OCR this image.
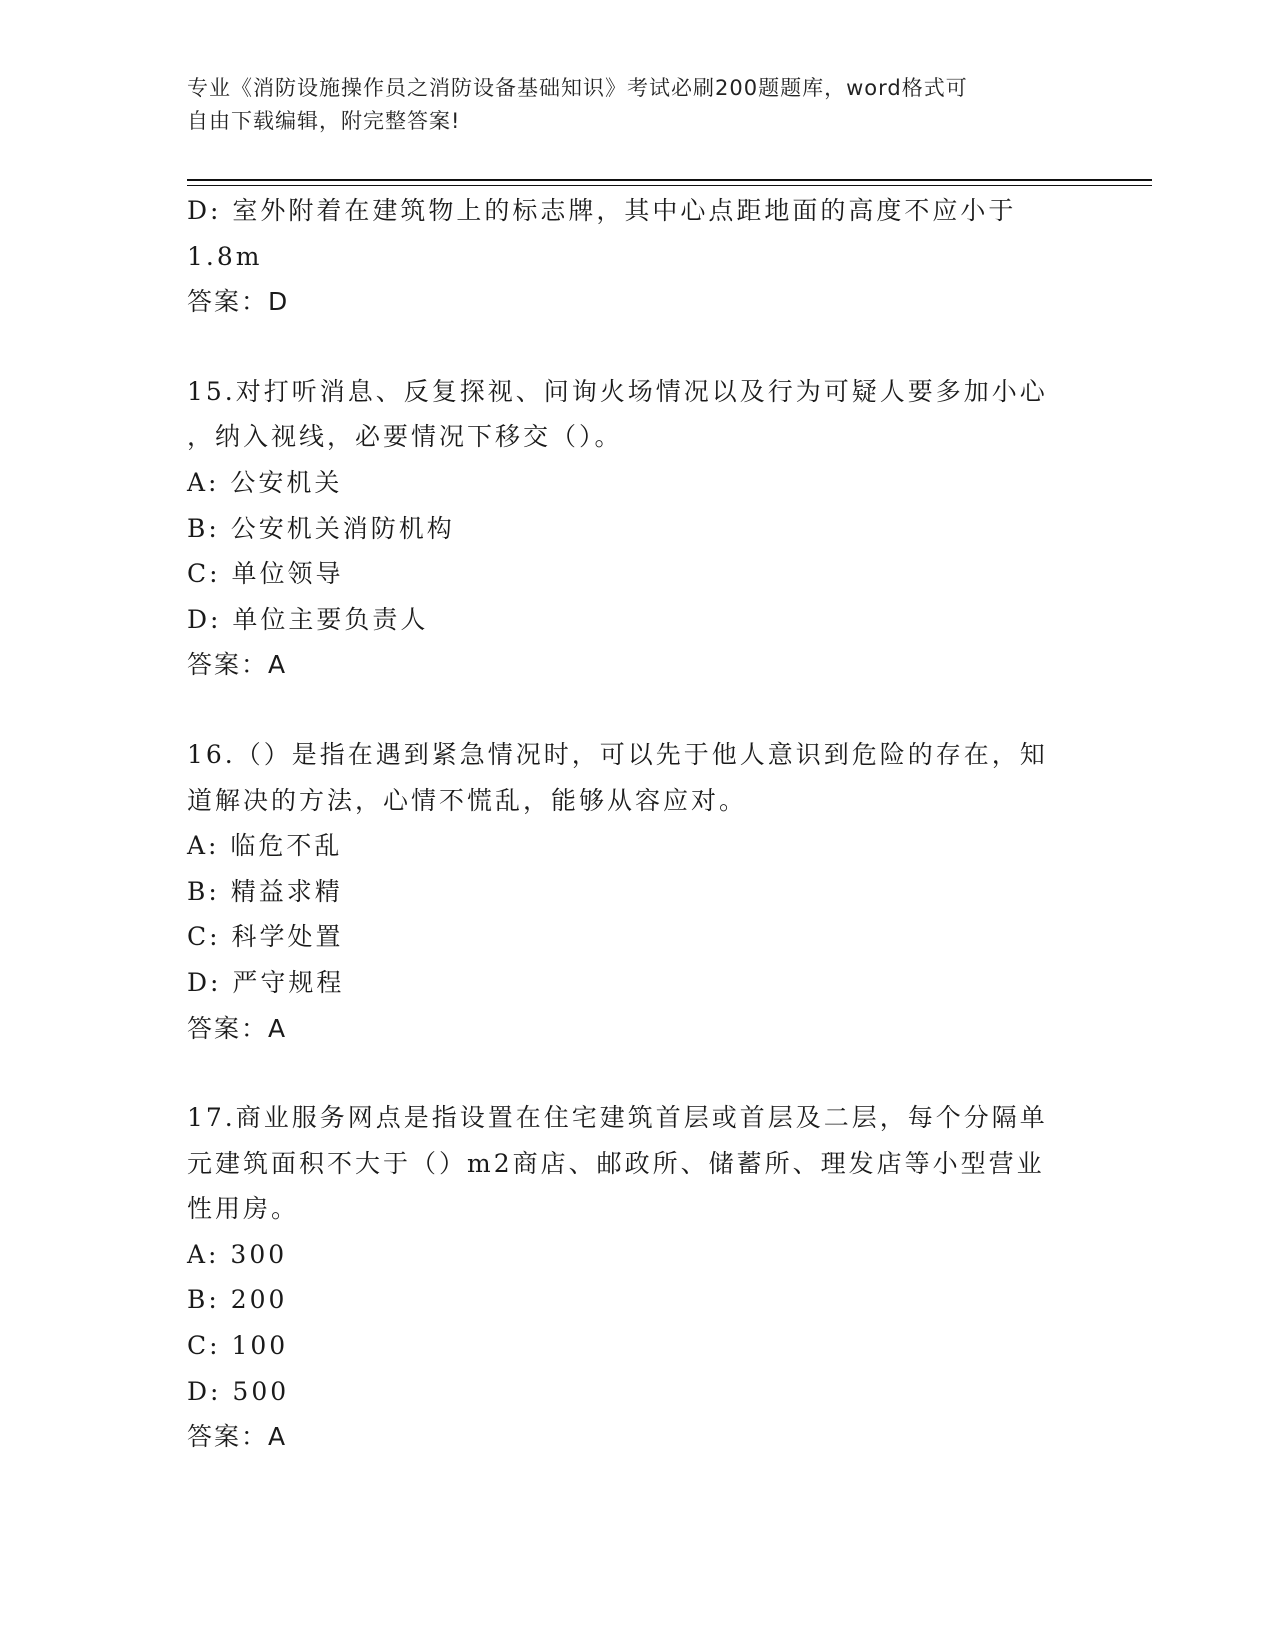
专业《消防设施操作员之消防设备基础知识》考试必刷200题题库，word格式可
自由下载编辑，附完整答案!
D: 室外附着在建筑物上的标志牌，其中心点距地面的高度不应小于
1.8m
答案：D
15.对打听消息、反复探视、问询火场情况以及行为可疑人要多加小心
，纳入视线，必要情况下移交（）。
A: 公安机关
B: 公安机关消防机构
C: 单位领导
D: 单位主要负责人
答案：A
16.（）是指在遇到紧急情况时，可以先于他人意识到危险的存在，知
道解决的方法，心情不慌乱，能够从容应对。
A: 临危不乱
B: 精益求精
C: 科学处置
D: 严守规程
答案：A
17.商业服务网点是指设置在住宅建筑首层或首层及二层，每个分隔单
元建筑面积不大于（）m2商店、邮政所、储蓄所、理发店等小型营业
性用房。
A: 300
B: 200
C: 100
D: 500
答案：A
